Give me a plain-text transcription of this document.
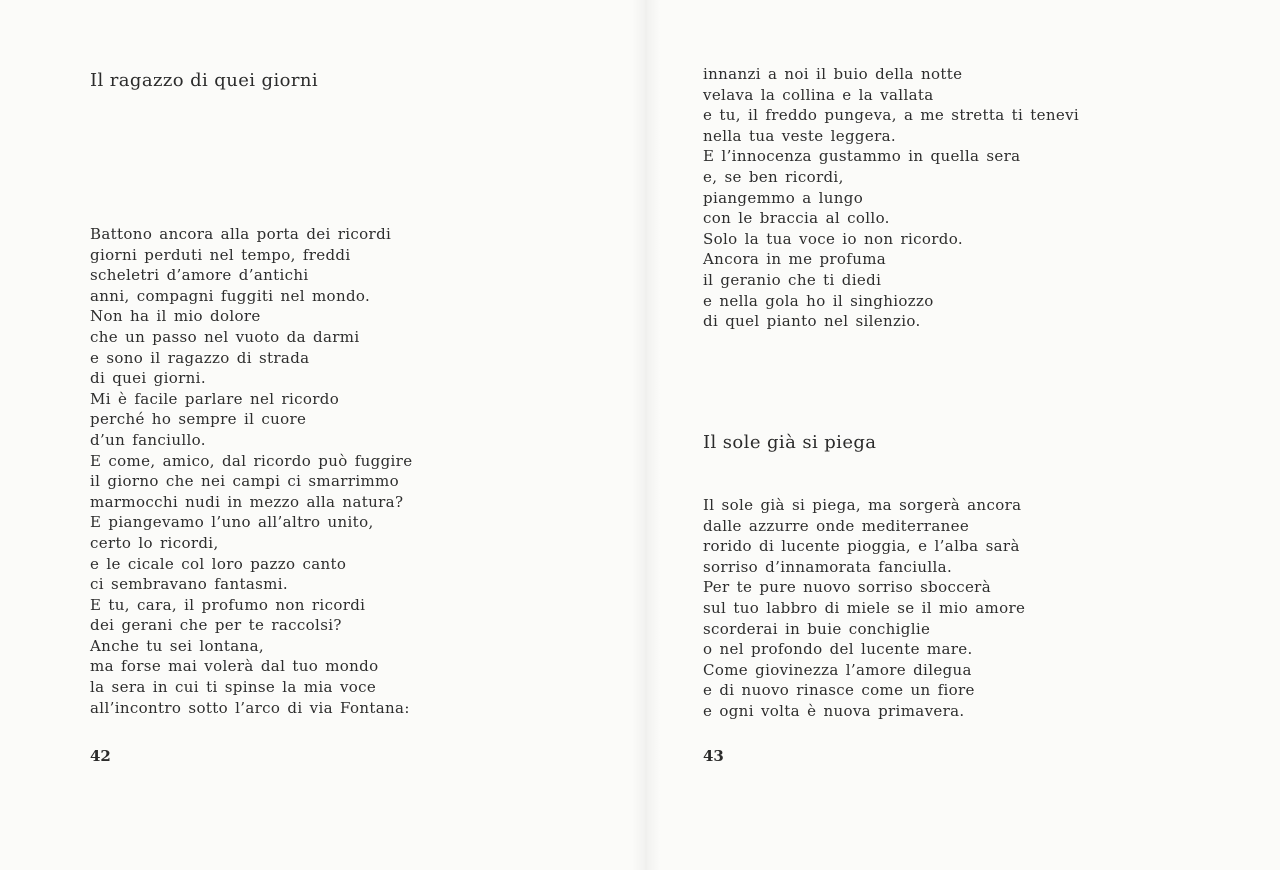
Il ragazzo di quei giorni
Battono ancora alla porta dei ricordi
giorni perduti nel tempo, freddi
scheletri d’amore d’antichi
anni, compagni fuggiti nel mondo.
Non ha il mio dolore
che un passo nel vuoto da darmi
e sono il ragazzo di strada
di quei giorni.
Mi è facile parlare nel ricordo
perché ho sempre il cuore
d’un fanciullo.
E come, amico, dal ricordo può fuggire
il giorno che nei campi ci smarrimmo
marmocchi nudi in mezzo alla natura?
E piangevamo l’uno all’altro unito,
certo lo ricordi,
e le cicale col loro pazzo canto
ci sembravano fantasmi.
E tu, cara, il profumo non ricordi
dei gerani che per te raccolsi?
Anche tu sei lontana,
ma forse mai volerà dal tuo mondo
la sera in cui ti spinse la mia voce
all’incontro sotto l’arco di via Fontana:
42
innanzi a noi il buio della notte
velava la collina e la vallata
e tu, il freddo pungeva, a me stretta ti tenevi
nella tua veste leggera.
E l’innocenza gustammo in quella sera
e, se ben ricordi,
piangemmo a lungo
con le braccia al collo.
Solo la tua voce io non ricordo.
Ancora in me profuma
il geranio che ti diedi
e nella gola ho il singhiozzo
di quel pianto nel silenzio.
Il sole già si piega
Il sole già si piega, ma sorgerà ancora
dalle azzurre onde mediterranee
rorido di lucente pioggia, e l’alba sarà
sorriso d’innamorata fanciulla.
Per te pure nuovo sorriso sboccerà
sul tuo labbro di miele se il mio amore
scorderai in buie conchiglie
o nel profondo del lucente mare.
Come giovinezza l’amore dilegua
e di nuovo rinasce come un fiore
e ogni volta è nuova primavera.
43
